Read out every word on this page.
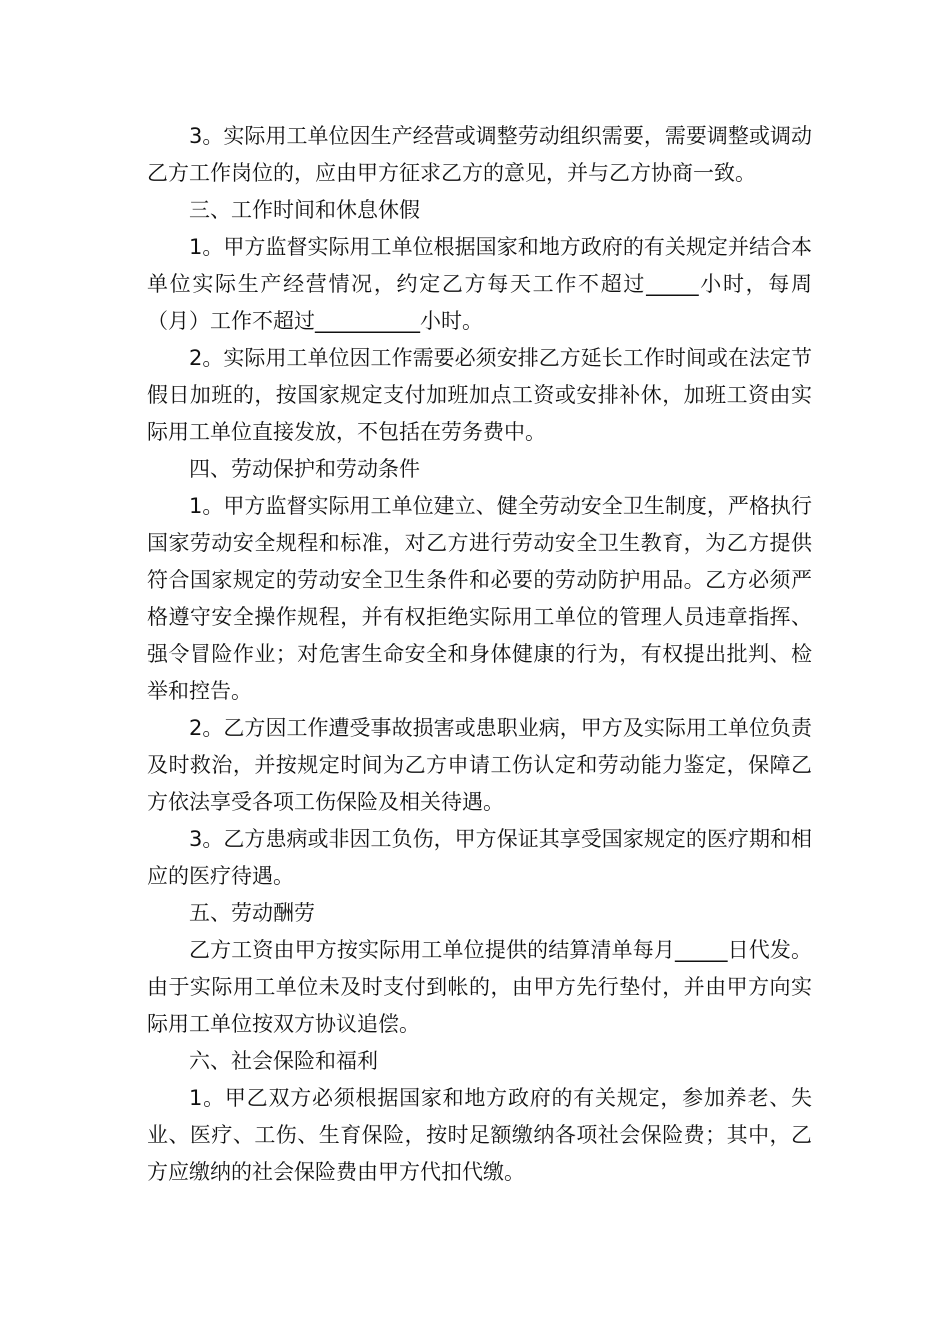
3。实际用工单位因生产经营或调整劳动组织需要，需要调整或调动乙方工作岗位的，应由甲方征求乙方的意见，并与乙方协商一致。

三、工作时间和休息休假

1。甲方监督实际用工单位根据国家和地方政府的有关规定并结合本单位实际生产经营情况，约定乙方每天工作不超过_____小时，每周（月）工作不超过__________小时。

2。实际用工单位因工作需要必须安排乙方延长工作时间或在法定节假日加班的，按国家规定支付加班加点工资或安排补休，加班工资由实际用工单位直接发放，不包括在劳务费中。

四、劳动保护和劳动条件

1。甲方监督实际用工单位建立、健全劳动安全卫生制度，严格执行国家劳动安全规程和标准，对乙方进行劳动安全卫生教育，为乙方提供符合国家规定的劳动安全卫生条件和必要的劳动防护用品。乙方必须严格遵守安全操作规程，并有权拒绝实际用工单位的管理人员违章指挥、强令冒险作业；对危害生命安全和身体健康的行为，有权提出批判、检举和控告。

2。乙方因工作遭受事故损害或患职业病，甲方及实际用工单位负责及时救治，并按规定时间为乙方申请工伤认定和劳动能力鉴定，保障乙方依法享受各项工伤保险及相关待遇。

3。乙方患病或非因工负伤，甲方保证其享受国家规定的医疗期和相应的医疗待遇。

五、劳动酬劳

乙方工资由甲方按实际用工单位提供的结算清单每月_____日代发。由于实际用工单位未及时支付到帐的，由甲方先行垫付，并由甲方向实际用工单位按双方协议追偿。

六、社会保险和福利

1。甲乙双方必须根据国家和地方政府的有关规定，参加养老、失业、医疗、工伤、生育保险，按时足额缴纳各项社会保险费；其中，乙方应缴纳的社会保险费由甲方代扣代缴。
